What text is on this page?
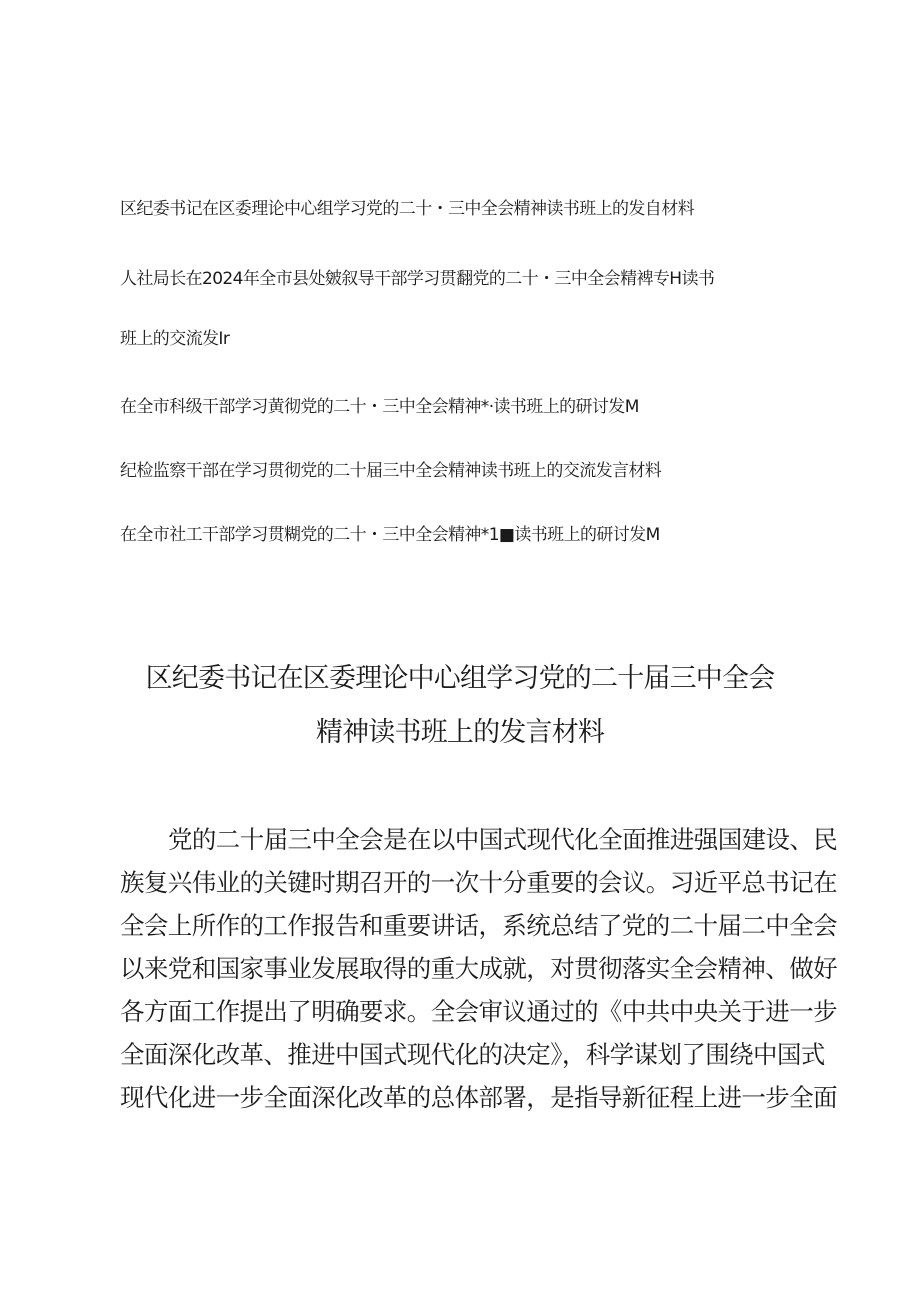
区纪委书记在区委理论中心组学习党的二十・三中全会精神读书班上的发自材料

人社局长在2024年全市县处皴叙导干部学习贯翻党的二十・三中全会精裨专H读书

班上的交流发Ir

在全市科级干部学习黄彻党的二十・三中全会精神*·读书班上的研讨发M

纪检监察干部在学习贯彻党的二十届三中全会精神读书班上的交流发言材料

在全市社工干部学习贯糊党的二十・三中全会精神*1■读书班上的研讨发M

区纪委书记在区委理论中心组学习党的二十届三中全会
精神读书班上的发言材料
党的二十届三中全会是在以中国式现代化全面推进强国建设、民
族复兴伟业的关键时期召开的一次十分重要的会议。习近平总书记在
全会上所作的工作报告和重要讲话，系统总结了党的二十届二中全会
以来党和国家事业发展取得的重大成就，对贯彻落实全会精神、做好
各方面工作提出了明确要求。全会审议通过的《中共中央关于进一步
全面深化改革、推进中国式现代化的决定》，科学谋划了围绕中国式
现代化进一步全面深化改革的总体部署，是指导新征程上进一步全面
